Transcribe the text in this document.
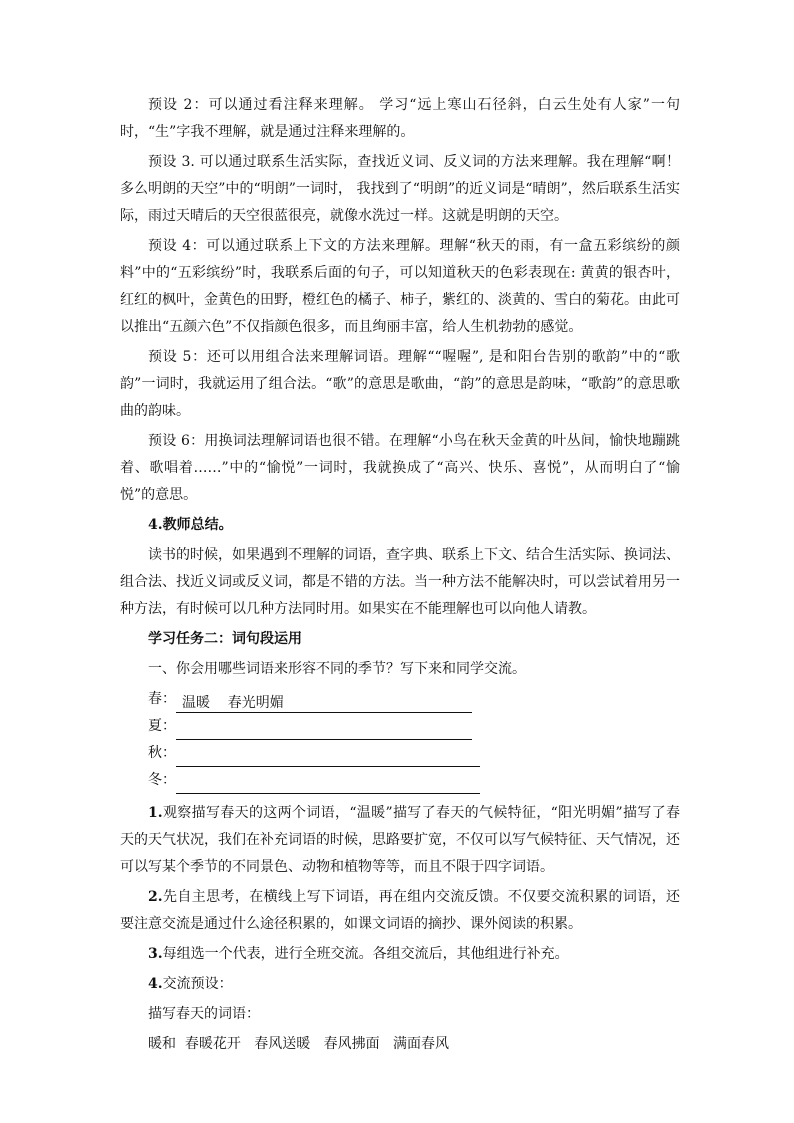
预设 2：可以通过看注释来理解。 学习“远上寒山石径斜，白云生处有人家”一句时，“生”字我不理解，就是通过注释来理解的。

预设 3. 可以通过联系生活实际，查找近义词、反义词的方法来理解。我在理解“啊！多么明朗的天空”中的“明朗”一词时， 我找到了“明朗”的近义词是“晴朗”，然后联系生活实际，雨过天晴后的天空很蓝很亮，就像水洗过一样。这就是明朗的天空。

预设 4：可以通过联系上下文的方法来理解。理解“秋天的雨，有一盒五彩缤纷的颜料”中的“五彩缤纷”时，我联系后面的句子，可以知道秋天的色彩表现在: 黄黄的银杏叶，红红的枫叶，金黄色的田野，橙红色的橘子、柿子，紫红的、淡黄的、雪白的菊花。由此可以推出“五颜六色”不仅指颜色很多，而且绚丽丰富，给人生机勃勃的感觉。

预设 5：还可以用组合法来理解词语。理解““喔喔”, 是和阳台告别的歌韵”中的“歌韵”一词时，我就运用了组合法。“歌”的意思是歌曲，“韵”的意思是韵味，“歌韵”的意思歌曲的韵味。

预设 6：用换词法理解词语也很不错。在理解“小鸟在秋天金黄的叶丛间，愉快地蹦跳着、歌唱着……”中的“愉悦”一词时，我就换成了“高兴、快乐、喜悦”，从而明白了“愉悦”的意思。

4.教师总结。

读书的时候，如果遇到不理解的词语，查字典、联系上下文、结合生活实际、换词法、组合法、找近义词或反义词，都是不错的方法。当一种方法不能解决时，可以尝试着用另一种方法，有时候可以几种方法同时用。如果实在不能理解也可以向他人请教。

学习任务二：词句段运用

一、你会用哪些词语来形容不同的季节？写下来和同学交流。

春： 温暖    春光明媚
夏：
秋：
冬：

1.观察描写春天的这两个词语，“温暖”描写了春天的气候特征，“阳光明媚”描写了春天的天气状况，我们在补充词语的时候，思路要扩宽，不仅可以写气候特征、天气情况，还可以写某个季节的不同景色、动物和植物等等，而且不限于四字词语。

2.先自主思考，在横线上写下词语，再在组内交流反馈。不仅要交流积累的词语，还要注意交流是通过什么途径积累的，如课文词语的摘抄、课外阅读的积累。

3.每组选一个代表，进行全班交流。各组交流后，其他组进行补充。

4.交流预设：

描写春天的词语：

暖和  春暖花开   春风送暖   春风拂面   满面春风
